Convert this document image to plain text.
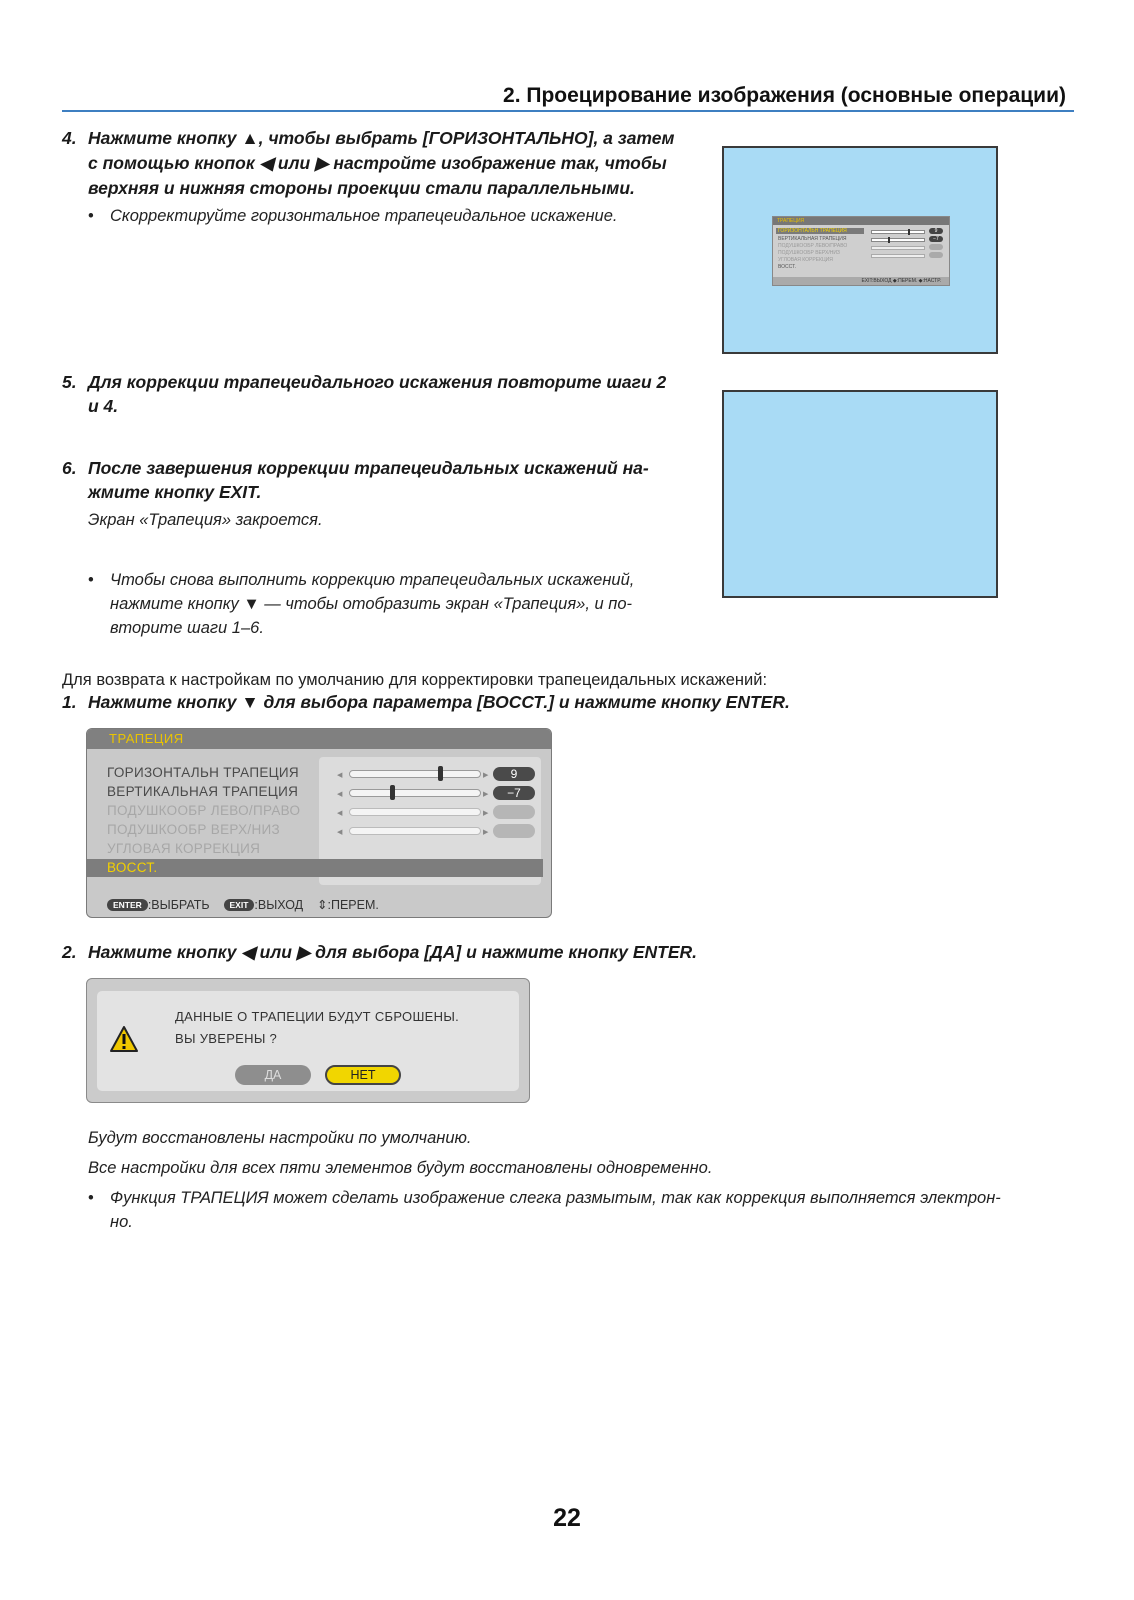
2. Проецирование изображения (основные операции)
4. Нажмите кнопку ▲, чтобы выбрать [ГОРИЗОНТАЛЬНО], а затем
с помощью кнопок ◀ или ▶ настройте изображение так, чтобы
верхняя и нижняя стороны проекции стали параллельными.
• Скорректируйте горизонтальное трапецеидальное искажение.	ТРАПЕЦИЯ
ГОРИЗОНТАЛЬН ТРАПЕЦИЯ
ВЕРТИКАЛЬНАЯ ТРАПЕЦИЯ
ПОДУШКООБР ЛЕВО/ПРАВО
ПОДУШКООБР ВЕРХ/НИЗ
УГЛОВАЯ КОРРЕКЦИЯ
ВОССТ.
9
−7
EXIT:ВЫХОД ◆:ПЕРЕМ. ◆:НАСТР.
5. Для коррекции трапецеидального искажения повторите шаги 2
и 4.
6. После завершения коррекции трапецеидальных искажений на-
жмите кнопку EXIT.
Экран «Трапеция» закроется.
• Чтобы снова выполнить коррекцию трапецеидальных искажений,
нажмите кнопку ▼ — чтобы отобразить экран «Трапеция», и по-
вторите шаги 1–6.
Для возврата к настройкам по умолчанию для корректировки трапецеидальных искажений:
1. Нажмите кнопку ▼ для выбора параметра [ВОССТ.] и нажмите кнопку ENTER.
ТРАПЕЦИЯ
ГОРИЗОНТАЛЬН ТРАПЕЦИЯ
ВЕРТИКАЛЬНАЯ ТРАПЕЦИЯ
ПОДУШКООБР ЛЕВО/ПРАВО
ПОДУШКООБР ВЕРХ/НИЗ
УГЛОВАЯ КОРРЕКЦИЯ
ВОССТ.
◀	▶	9
◀	▶	−7
◀	▶
◀	▶
ENTER :ВЫБРАТЬ EXIT :ВЫХОД ⇕:ПЕРЕМ.
2. Нажмите кнопку ◀ или ▶ для выбора [ДА] и нажмите кнопку ENTER.
ДАННЫЕ О ТРАПЕЦИИ БУДУТ СБРОШЕНЫ.
ВЫ УВЕРЕНЫ ?
ДА	НЕТ
Будут восстановлены настройки по умолчанию.
Все настройки для всех пяти элементов будут восстановлены одновременно.
• Функция ТРАПЕЦИЯ может сделать изображение слегка размытым, так как коррекция выполняется электрон-
но.
22
